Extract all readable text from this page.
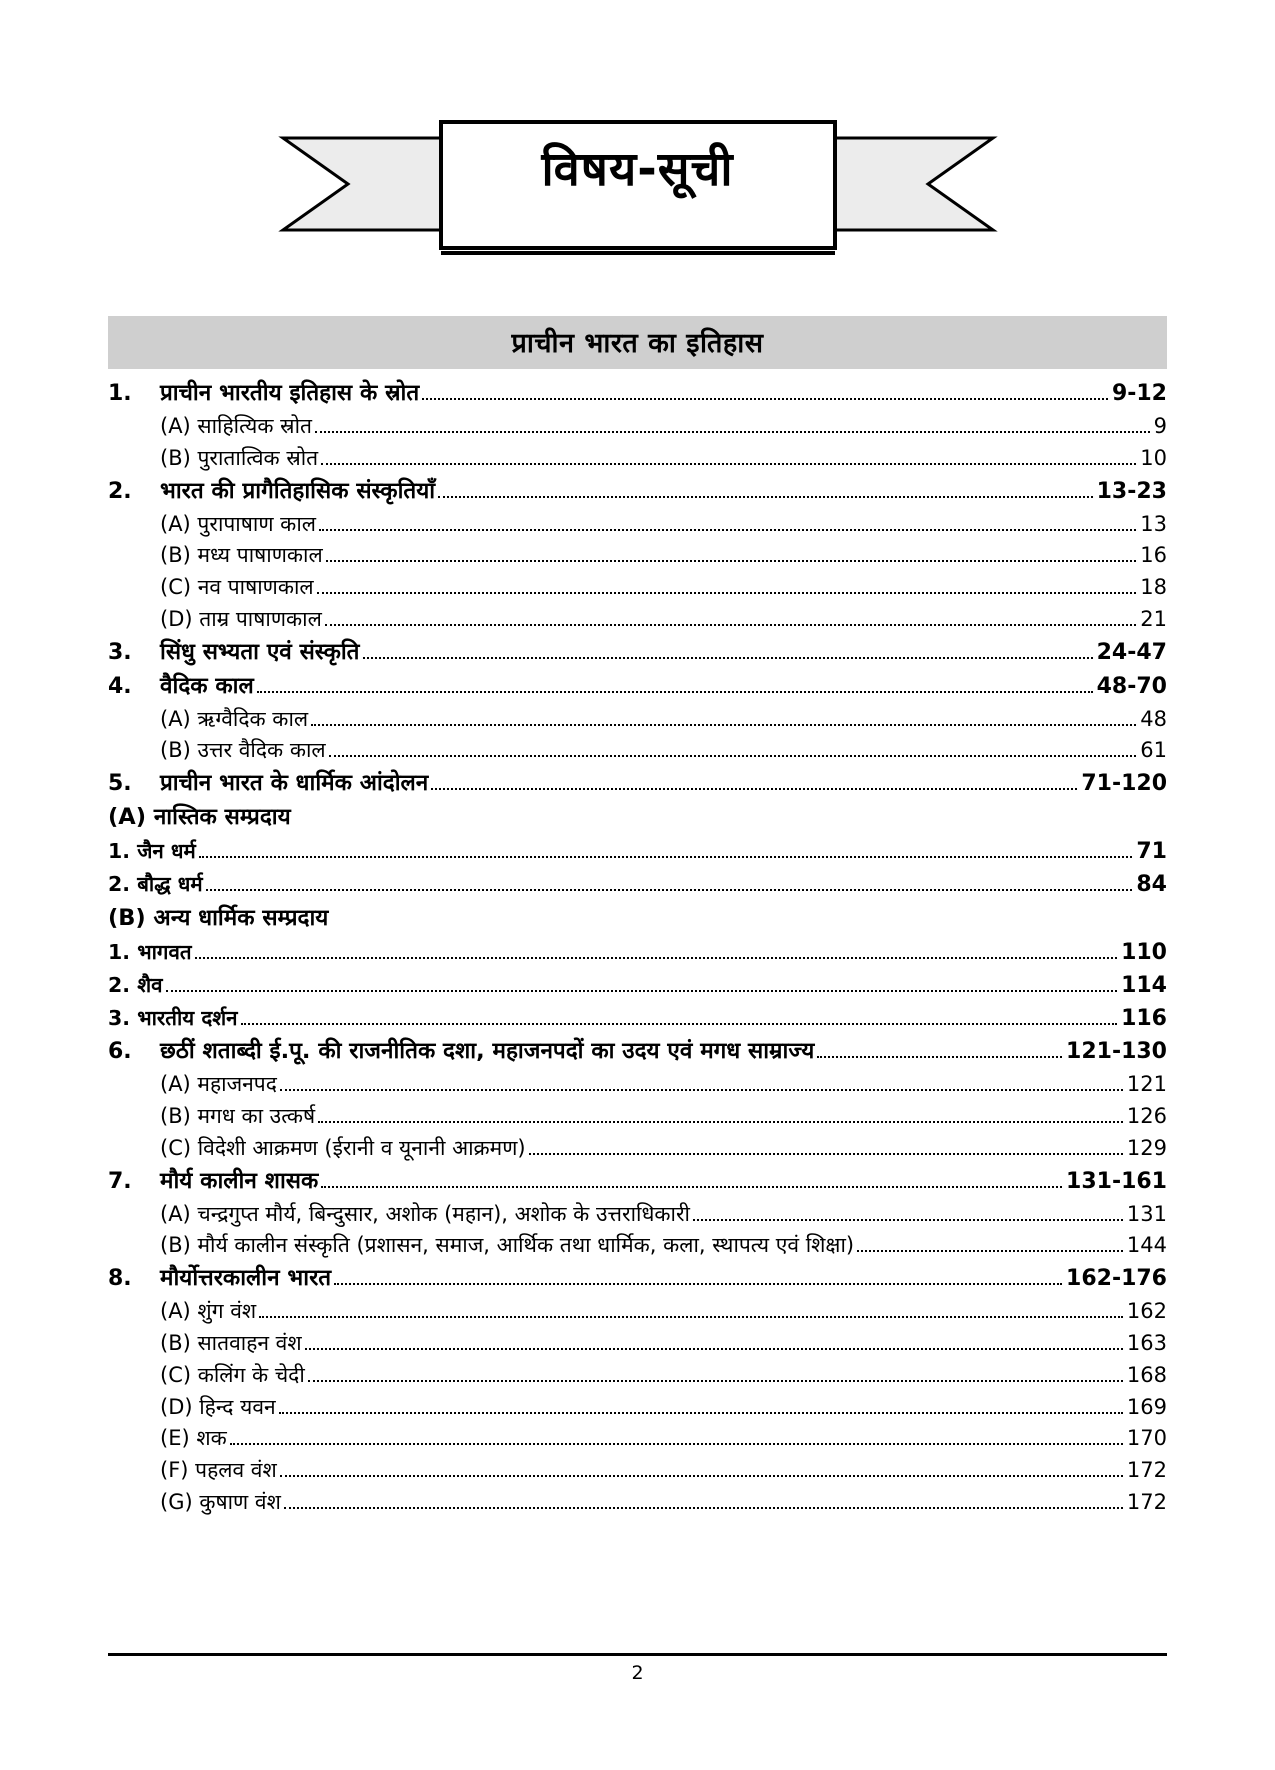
विषय-सूची
प्राचीन भारत का इतिहास
1.	प्राचीन भारतीय इतिहास के स्रोत	9-12
(A) साहित्यिक स्रोत	9
(B) पुरातात्विक स्रोत	10
2.	भारत की प्रागैतिहासिक संस्कृतियाँ	13-23
(A) पुरापाषाण काल	13
(B) मध्य पाषाणकाल	16
(C) नव पाषाणकाल	18
(D) ताम्र पाषाणकाल	21
3.	सिंधु सभ्यता एवं संस्कृति	24-47
4.	वैदिक काल	48-70
(A) ऋग्वैदिक काल	48
(B) उत्तर वैदिक काल	61
5.	प्राचीन भारत के धार्मिक आंदोलन	71-120
(A) नास्तिक सम्प्रदाय
1. जैन धर्म	71
2. बौद्ध धर्म	84
(B) अन्य धार्मिक सम्प्रदाय
1. भागवत	110
2. शैव	114
3. भारतीय दर्शन	116
6.	छठीं शताब्दी ई.पू. की राजनीतिक दशा, महाजनपदों का उदय एवं मगध साम्राज्य	121-130
(A) महाजनपद	121
(B) मगध का उत्कर्ष	126
(C) विदेशी आक्रमण (ईरानी व यूनानी आक्रमण)	129
7.	मौर्य कालीन शासक	131-161
(A) चन्द्रगुप्त मौर्य, बिन्दुसार, अशोक (महान), अशोक के उत्तराधिकारी	131
(B) मौर्य कालीन संस्कृति (प्रशासन, समाज, आर्थिक तथा धार्मिक, कला, स्थापत्य एवं शिक्षा)	144
8.	मौर्योत्तरकालीन भारत	162-176
(A) शुंग वंश	162
(B) सातवाहन वंश	163
(C) कलिंग के चेदी	168
(D) हिन्द यवन	169
(E) शक	170
(F) पहलव वंश	172
(G) कुषाण वंश	172
2
